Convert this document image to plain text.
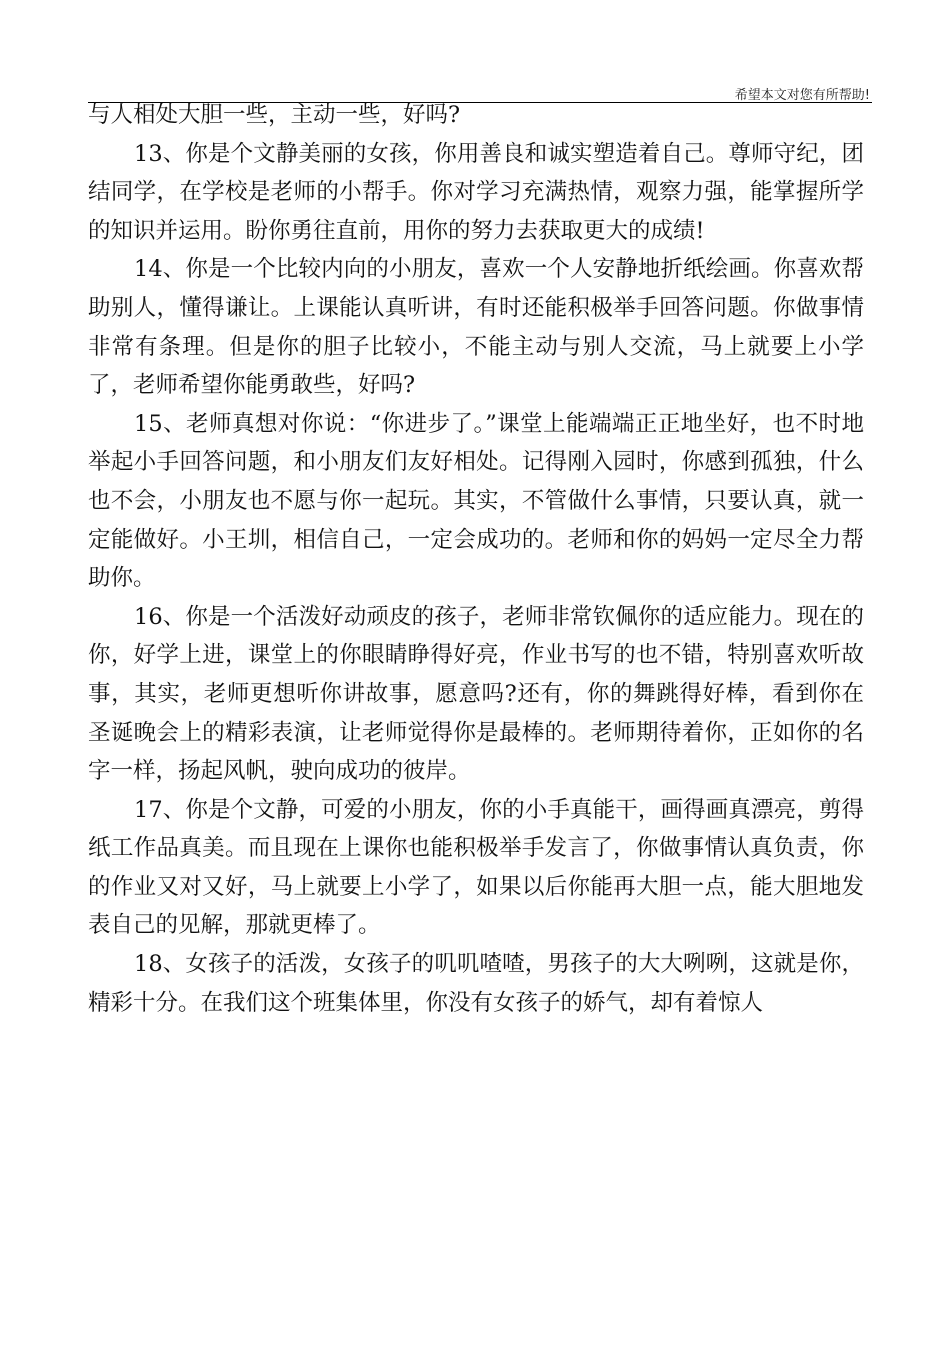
希望本文对您有所帮助!

与人相处大胆一些，主动一些，好吗?

13、你是个文静美丽的女孩，你用善良和诚实塑造着自己。尊师守纪，团结同学，在学校是老师的小帮手。你对学习充满热情，观察力强，能掌握所学的知识并运用。盼你勇往直前，用你的努力去获取更大的成绩!

14、你是一个比较内向的小朋友，喜欢一个人安静地折纸绘画。你喜欢帮助别人，懂得谦让。上课能认真听讲，有时还能积极举手回答问题。你做事情非常有条理。但是你的胆子比较小，不能主动与别人交流，马上就要上小学了，老师希望你能勇敢些，好吗?

15、老师真想对你说：“你进步了。”课堂上能端端正正地坐好，也不时地举起小手回答问题，和小朋友们友好相处。记得刚入园时，你感到孤独，什么也不会，小朋友也不愿与你一起玩。其实，不管做什么事情，只要认真，就一定能做好。小王圳，相信自己，一定会成功的。老师和你的妈妈一定尽全力帮助你。

16、你是一个活泼好动顽皮的孩子，老师非常钦佩你的适应能力。现在的你，好学上进，课堂上的你眼睛睁得好亮，作业书写的也不错，特别喜欢听故事，其实，老师更想听你讲故事，愿意吗?还有，你的舞跳得好棒，看到你在圣诞晚会上的精彩表演，让老师觉得你是最棒的。老师期待着你，正如你的名字一样，扬起风帆，驶向成功的彼岸。

17、你是个文静，可爱的小朋友，你的小手真能干，画得画真漂亮，剪得纸工作品真美。而且现在上课你也能积极举手发言了，你做事情认真负责，你的作业又对又好，马上就要上小学了，如果以后你能再大胆一点，能大胆地发表自己的见解，那就更棒了。

18、女孩子的活泼，女孩子的叽叽喳喳，男孩子的大大咧咧，这就是你，精彩十分。在我们这个班集体里，你没有女孩子的娇气，却有着惊人
